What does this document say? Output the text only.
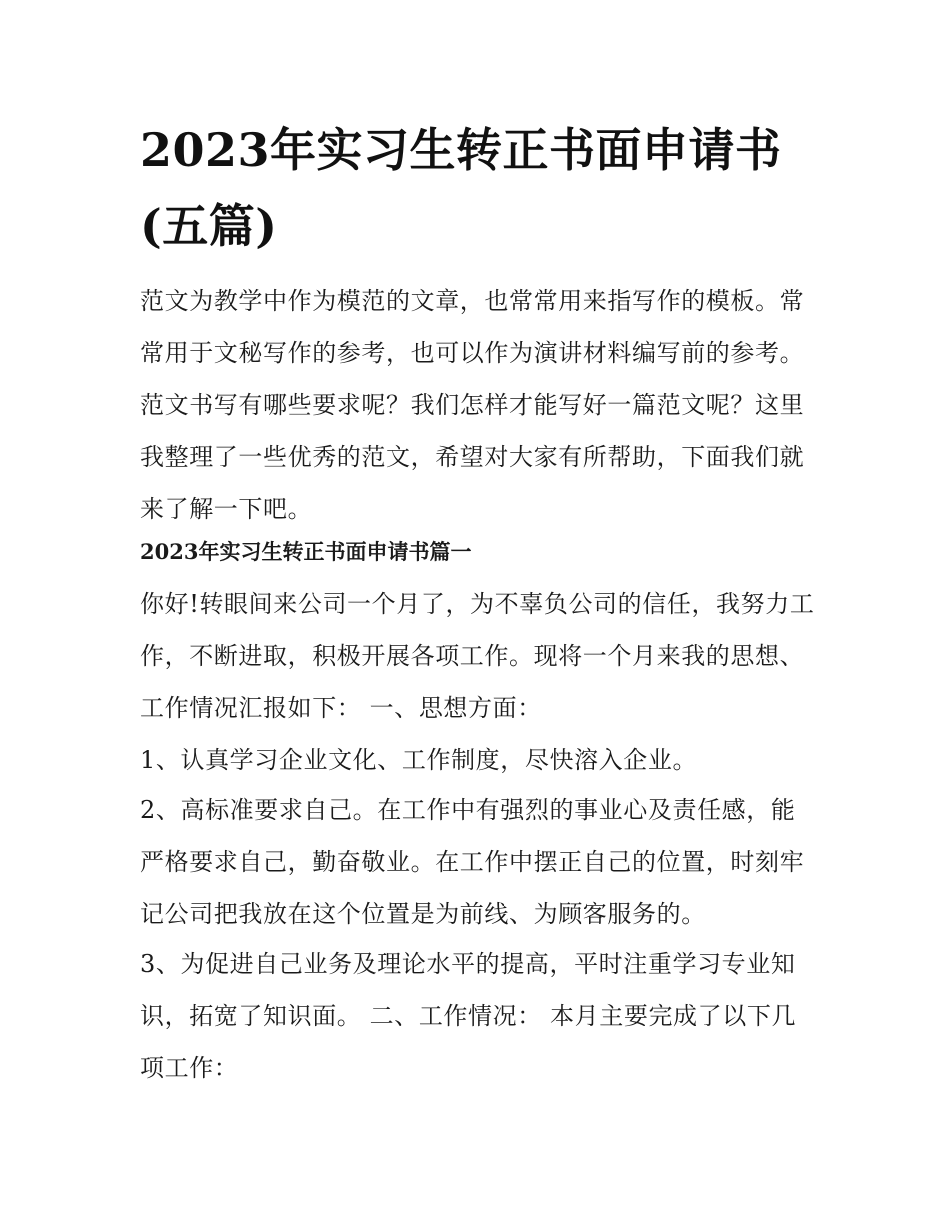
2023年实习生转正书面申请书(五篇)

范文为教学中作为模范的文章，也常常用来指写作的模板。常常用于文秘写作的参考，也可以作为演讲材料编写前的参考。范文书写有哪些要求呢？我们怎样才能写好一篇范文呢？这里我整理了一些优秀的范文，希望对大家有所帮助，下面我们就来了解一下吧。

2023年实习生转正书面申请书篇一

你好!转眼间来公司一个月了，为不辜负公司的信任，我努力工作，不断进取，积极开展各项工作。现将一个月来我的思想、工作情况汇报如下： 一、思想方面：

1、认真学习企业文化、工作制度，尽快溶入企业。

2、高标准要求自己。在工作中有强烈的事业心及责任感，能严格要求自己，勤奋敬业。在工作中摆正自己的位置，时刻牢记公司把我放在这个位置是为前线、为顾客服务的。

3、为促进自己业务及理论水平的提高，平时注重学习专业知识，拓宽了知识面。 二、工作情况： 本月主要完成了以下几项工作：
